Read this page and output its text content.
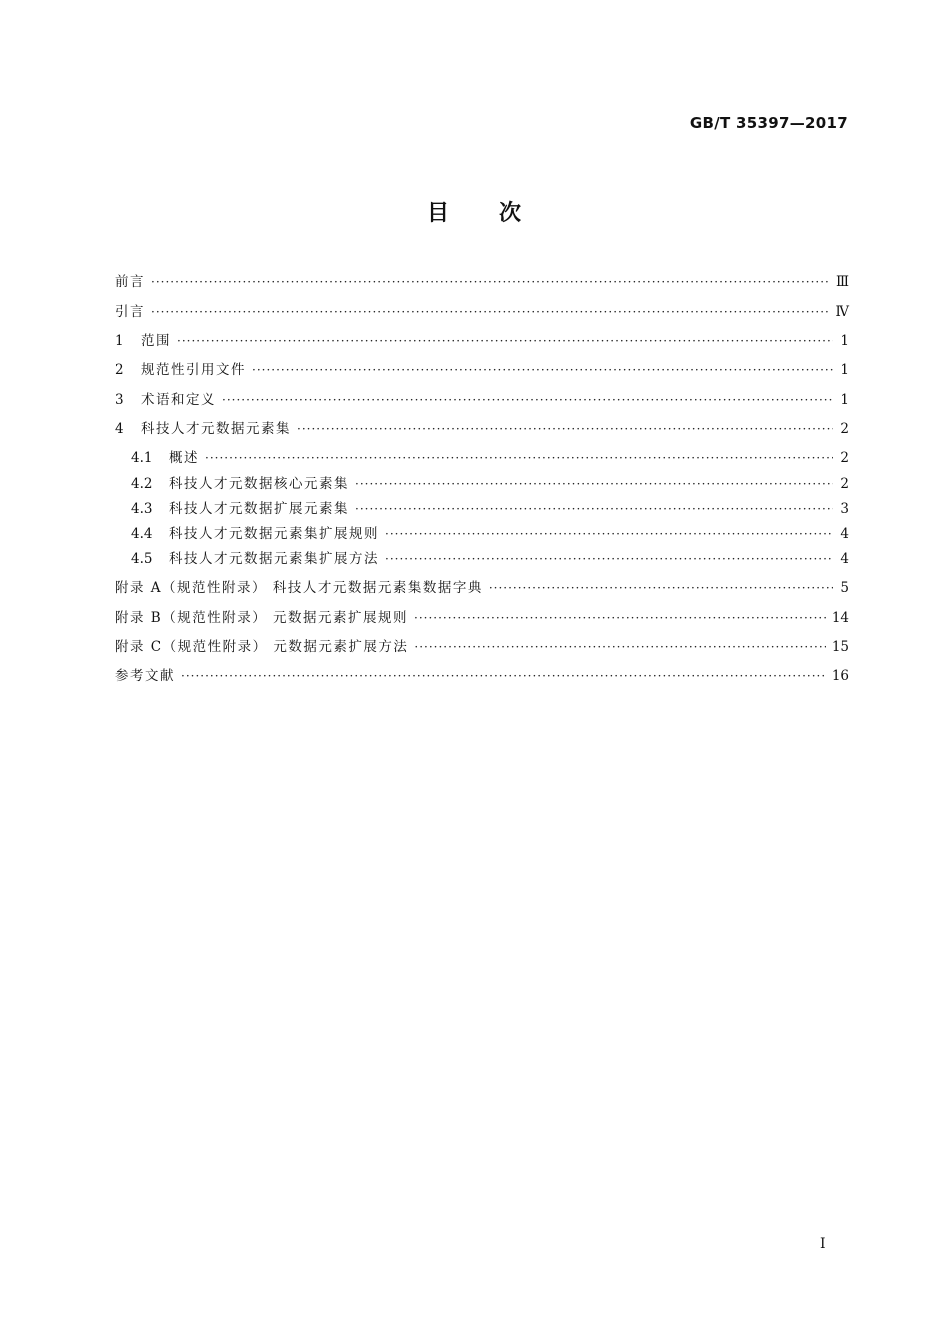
GB/T 35397—2017
目 次
前言 ·····	Ⅲ
引言 ·····	Ⅳ
1 范围 ·····	1
2 规范性引用文件 ·····	1
3 术语和定义 ·····	1
4 科技人才元数据元素集 ·····	2
4.1 概述 ·····	2
4.2 科技人才元数据核心元素集 ·····	2
4.3 科技人才元数据扩展元素集 ·····	3
4.4 科技人才元数据元素集扩展规则 ·····	4
4.5 科技人才元数据元素集扩展方法 ·····	4
附录 A（规范性附录） 科技人才元数据元素集数据字典 ·····	5
附录 B（规范性附录） 元数据元素扩展规则 ·····	14
附录 C（规范性附录） 元数据元素扩展方法 ·····	15
参考文献 ·····	16
Ⅰ
